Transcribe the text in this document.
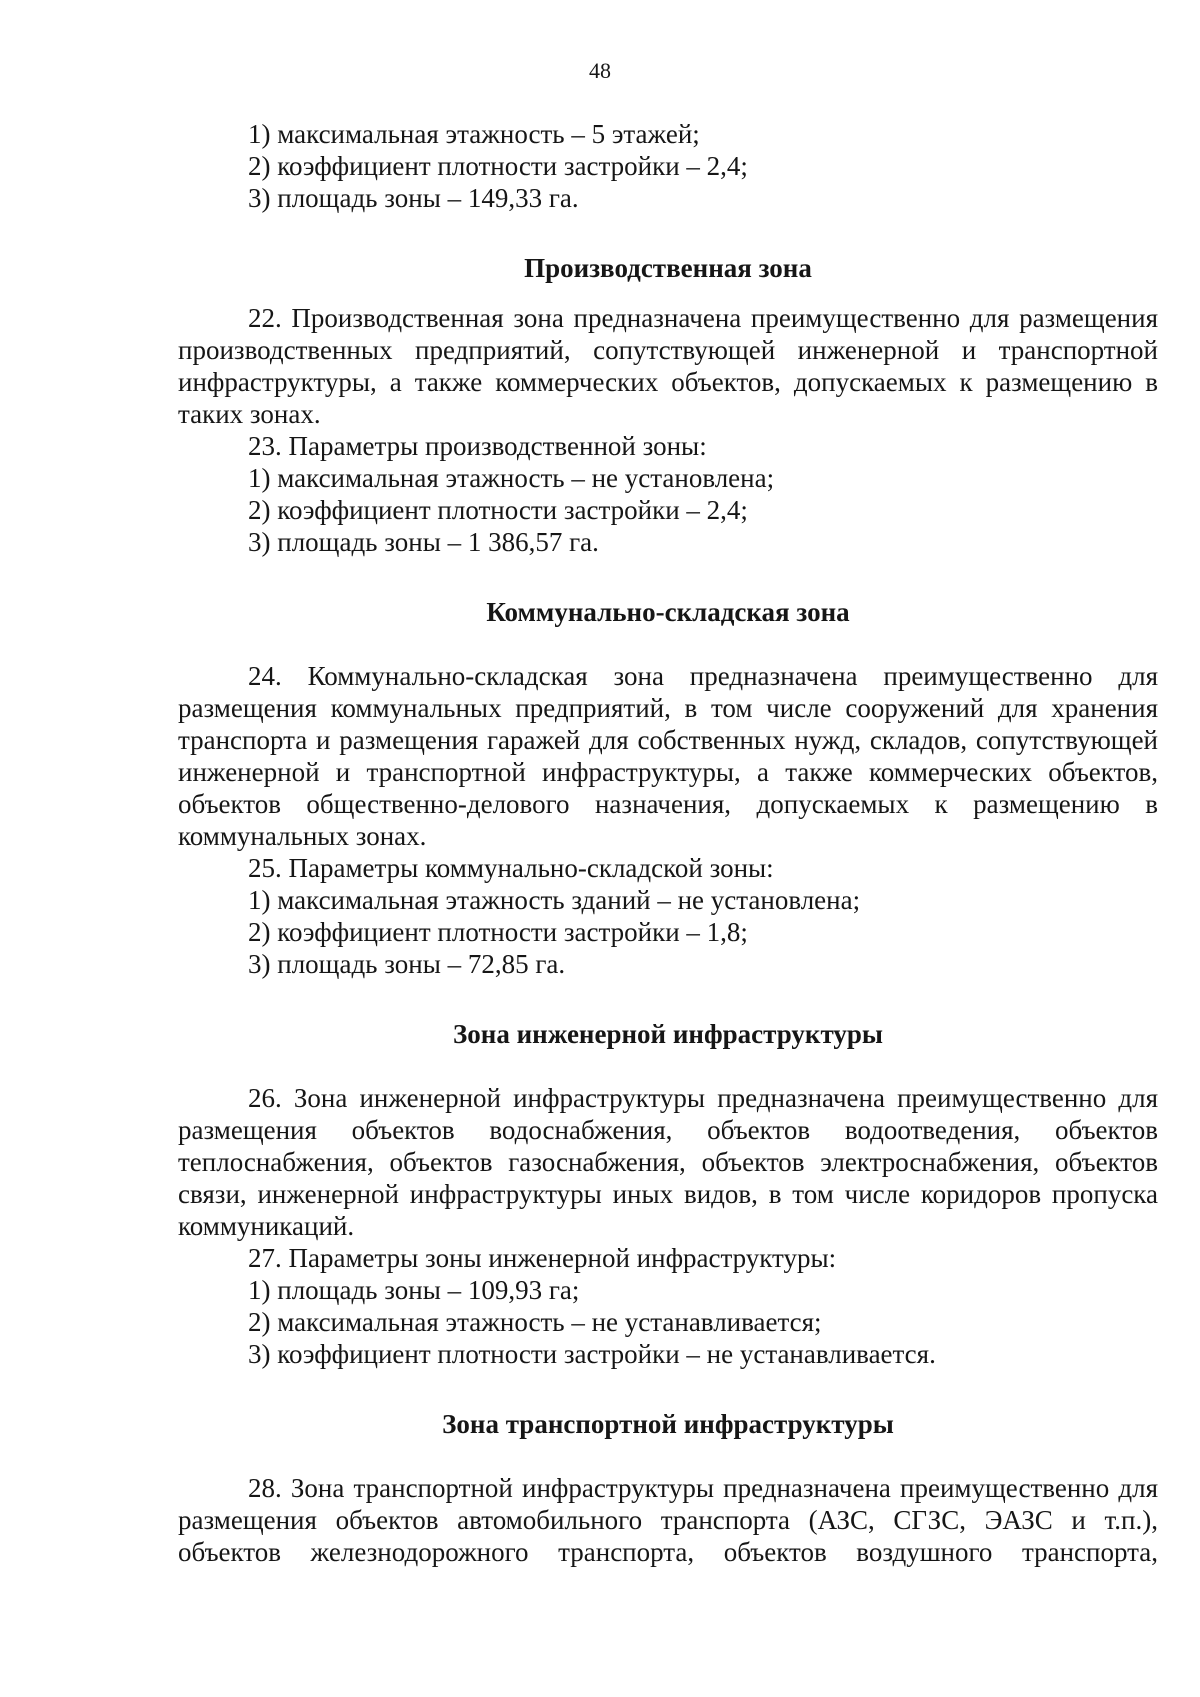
48

1) максимальная этажность – 5 этажей;

2) коэффициент плотности застройки – 2,4;

3) площадь зоны – 149,33 га.

Производственная зона

22. Производственная зона предназначена преимущественно для размещения производственных предприятий, сопутствующей инженерной и транспортной инфраструктуры, а также коммерческих объектов, допускаемых к размещению в таких зонах.

23. Параметры производственной зоны:

1) максимальная этажность – не установлена;

2) коэффициент плотности застройки – 2,4;

3) площадь зоны – 1 386,57 га.

Коммунально-складская зона

24. Коммунально-складская зона предназначена преимущественно для размещения коммунальных предприятий, в том числе сооружений для хранения транспорта и размещения гаражей для собственных нужд, складов, сопутствующей инженерной и транспортной инфраструктуры, а также коммерческих объектов, объектов общественно-делового назначения, допускаемых к размещению в коммунальных зонах.

25. Параметры коммунально-складской зоны:

1) максимальная этажность зданий – не установлена;

2) коэффициент плотности застройки – 1,8;

3) площадь зоны – 72,85 га.

Зона инженерной инфраструктуры

26. Зона инженерной инфраструктуры предназначена преимущественно для размещения объектов водоснабжения, объектов водоотведения, объектов теплоснабжения, объектов газоснабжения, объектов электроснабжения, объектов связи, инженерной инфраструктуры иных видов, в том числе коридоров пропуска коммуникаций.

27. Параметры зоны инженерной инфраструктуры:

1) площадь зоны – 109,93 га;

2) максимальная этажность – не устанавливается;

3) коэффициент плотности застройки – не устанавливается.

Зона транспортной инфраструктуры

28. Зона транспортной инфраструктуры предназначена преимущественно для размещения объектов автомобильного транспорта (АЗС, СГЗС, ЭАЗС и т.п.), объектов железнодорожного транспорта, объектов воздушного транспорта,
